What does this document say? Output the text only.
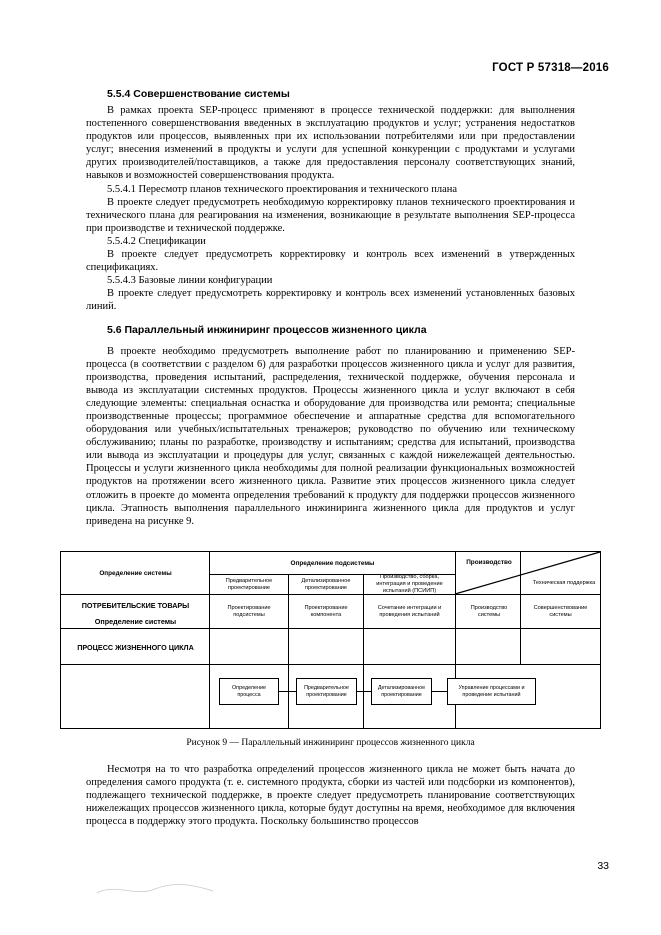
ГОСТ Р 57318—2016
5.5.4 Совершенствование системы

В рамках проекта SEP-процесс применяют в процессе технической поддержки: для выполнения постепенного совершенствования введенных в эксплуатацию продуктов и услуг; устранения недостатков продуктов или процессов, выявленных при их использовании потребителями или при предоставлении услуг; внесения изменений в продукты и услуги для успешной конкуренции с продуктами и услугами других производителей/поставщиков, а также для предоставления персоналу соответствующих знаний, навыков и возможностей совершенствования продукта.

5.5.4.1 Пересмотр планов технического проектирования и технического плана

В проекте следует предусмотреть необходимую корректировку планов технического проектирования и технического плана для реагирования на изменения, возникающие в результате выполнения SEP-процесса при производстве и технической поддержке.

5.5.4.2 Спецификации

В проекте следует предусмотреть корректировку и контроль всех изменений в утвержденных спецификациях.

5.5.4.3 Базовые линии конфигурации

В проекте следует предусмотреть корректировку и контроль всех изменений установленных базовых линий.

5.6 Параллельный инжиниринг процессов жизненного цикла

В проекте необходимо предусмотреть выполнение работ по планированию и применению SEP-процесса (в соответствии с разделом 6) для разработки процессов жизненного цикла и услуг для развития, производства, проведения испытаний, распределения, технической поддержке, обучения персонала и вывода из эксплуатации системных продуктов. Процессы жизненного цикла и услуг включают в себя следующие элементы: специальная оснастка и оборудование для производства или ремонта; специальные производственные процессы; программное обеспечение и аппаратные средства для вспомогательного оборудования или учебных/испытательных тренажеров; руководство по обучению или техническому обслуживанию; планы по разработке, производству и испытаниям; средства для испытаний, производства или вывода из эксплуатации и процедуры для услуг, связанных с каждой нижележащей деятельностью. Процессы и услуги жизненного цикла необходимы для полной реализации функциональных возможностей продуктов на протяжении всего жизненного цикла. Развитие этих процессов жизненного цикла следует отложить в проекте до момента определения требований к продукту для поддержки процессов жизненного цикла. Этапность выполнения параллельного инжиниринга жизненного цикла для продуктов и услуг приведена на рисунке 9.

Определение системы
Определение подсистемы
Предварительное проектирование
Детализированное проектирование
Производство, сборка, интеграция и проведение испытаний (ПСИИП)
Производство
Техническая поддержка
ПОТРЕБИТЕЛЬСКИЕ ТОВАРЫ
Определение системы
Проектирование подсистемы
Проектирование компонента
Сочетание интеграции и проведения испытаний
Производство системы
Совершенствование системы
ПРОЦЕСС ЖИЗНЕННОГО ЦИКЛА
Определение процесса
Предварительное проектирование
Детализированное проектирование
Управление процессами и проведение испытаний
Рисунок 9 — Параллельный инжиниринг процессов жизненного цикла

Несмотря на то что разработка определений процессов жизненного цикла не может быть начата до определения самого продукта (т. е. системного продукта, сборки из частей или подсборки из компонентов), подлежащего технической поддержке, в проекте следует предусмотреть планирование соответствующих нижележащих процессов жизненного цикла, которые будут доступны на время, необходимое для включения процесса в поддержку этого продукта. Поскольку большинство процессов

33
